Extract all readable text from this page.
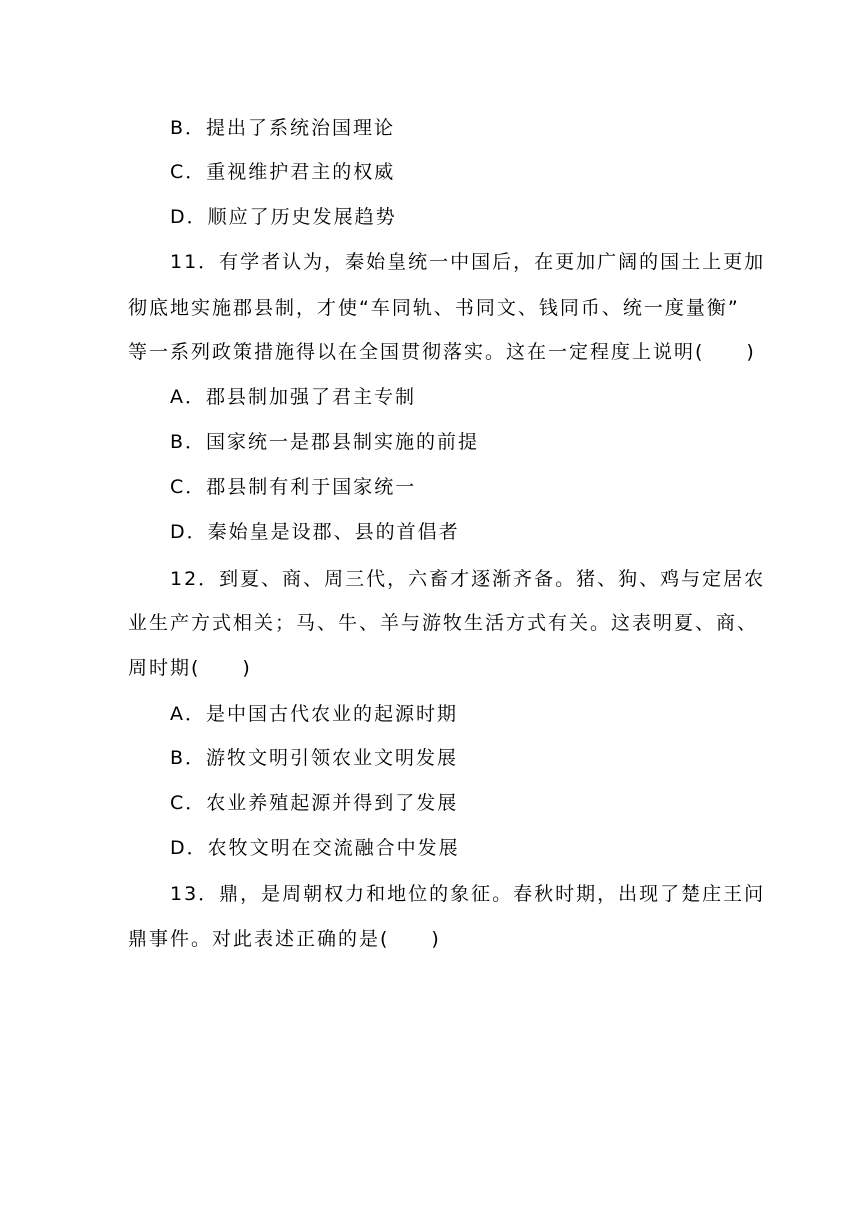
B．提出了系统治国理论
C．重视维护君主的权威
D．顺应了历史发展趋势
11．有学者认为，秦始皇统一中国后，在更加广阔的国土上更加
彻底地实施郡县制，才使“车同轨、书同文、钱同币、统一度量衡”
等一系列政策措施得以在全国贯彻落实。这在一定程度上说明(　　)
A．郡县制加强了君主专制
B．国家统一是郡县制实施的前提
C．郡县制有利于国家统一
D．秦始皇是设郡、县的首倡者
12．到夏、商、周三代，六畜才逐渐齐备。猪、狗、鸡与定居农
业生产方式相关；马、牛、羊与游牧生活方式有关。这表明夏、商、
周时期(　　)
A．是中国古代农业的起源时期
B．游牧文明引领农业文明发展
C．农业养殖起源并得到了发展
D．农牧文明在交流融合中发展
13．鼎，是周朝权力和地位的象征。春秋时期，出现了楚庄王问
鼎事件。对此表述正确的是(　　)
